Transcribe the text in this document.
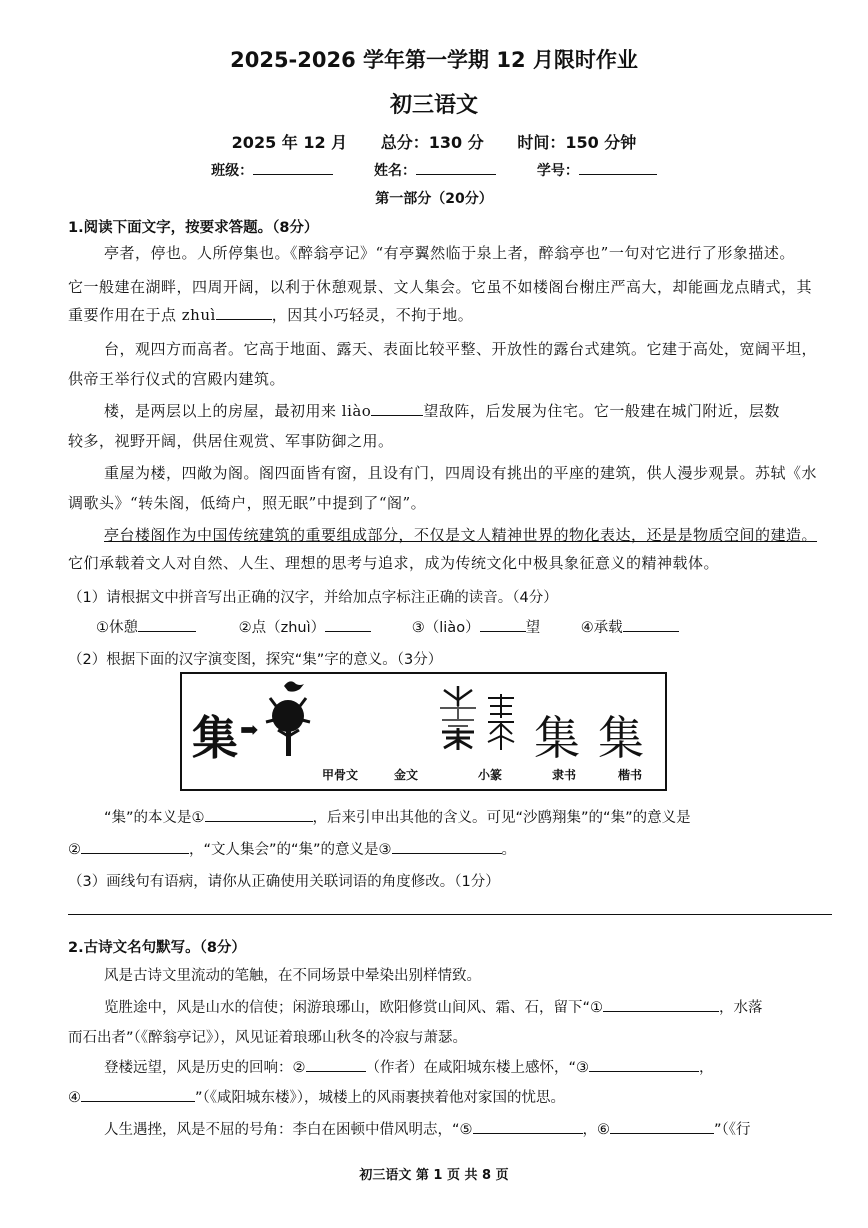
2025-2026 学年第一学期 12 月限时作业
初三语文
2025 年 12 月 总分：130 分 时间：150 分钟
班级：	姓名：	学号：
第一部分（20分）
1.阅读下面文字，按要求答题。（8分）
亭者，停也。人所停集也。《醉翁亭记》“有亭翼然临于泉上者，醉翁亭也”一句对它进行了形象描述。
它一般建在湖畔，四周开阔，以利于休憩观景、文人集会。它虽不如楼阁台榭庄严高大，却能画龙点睛式，其
重要作用在于点 zhuì	，因其小巧轻灵，不拘于地。
台，观四方而高者。它高于地面、露天、表面比较平整、开放性的露台式建筑。它建于高处，宽阔平坦，
供帝王举行仪式的宫殿内建筑。
楼，是两层以上的房屋，最初用来 liào	望敌阵，后发展为住宅。它一般建在城门附近，层数
较多，视野开阔，供居住观赏、军事防御之用。
重屋为楼，四敞为阁。阁四面皆有窗，且设有门，四周设有挑出的平座的建筑，供人漫步观景。苏轼《水
调歌头》“转朱阁，低绮户，照无眠”中提到了“阁”。
亭台楼阁作为中国传统建筑的重要组成部分，不仅是文人精神世界的物化表达，还是是物质空间的建造。
它们承载着文人对自然、人生、理想的思考与追求，成为传统文化中极具象征意义的精神载体。
（1）请根据文中拼音写出正确的汉字，并给加点字标注正确的读音。（4分）
①休憩	②点（zhuì）	③（liào）	望	④承载
（2）根据下面的汉字演变图，探究“集”字的意义。（3分）
集 ➡	集 集
甲骨文	金文	小篆	隶书	楷书
“集”的本义是①	，后来引申出其他的含义。可见“沙鸥翔集”的“集”的意义是
②	，“文人集会”的“集”的意义是③	。
（3）画线句有语病，请你从正确使用关联词语的角度修改。（1分）
2.古诗文名句默写。（8分）
风是古诗文里流动的笔触，在不同场景中晕染出别样情致。
览胜途中，风是山水的信使；闲游琅琊山，欧阳修赏山间风、霜、石，留下“①	，水落
而石出者”（《醉翁亭记》），风见证着琅琊山秋冬的冷寂与萧瑟。
登楼远望，风是历史的回响：②	（作者）在咸阳城东楼上感怀，“③	，
④	”（《咸阳城东楼》），城楼上的风雨裹挟着他对家国的忧思。
人生遇挫，风是不屈的号角：李白在困顿中借风明志，“⑤	，⑥	”（《行
初三语文 第 1 页 共 8 页
